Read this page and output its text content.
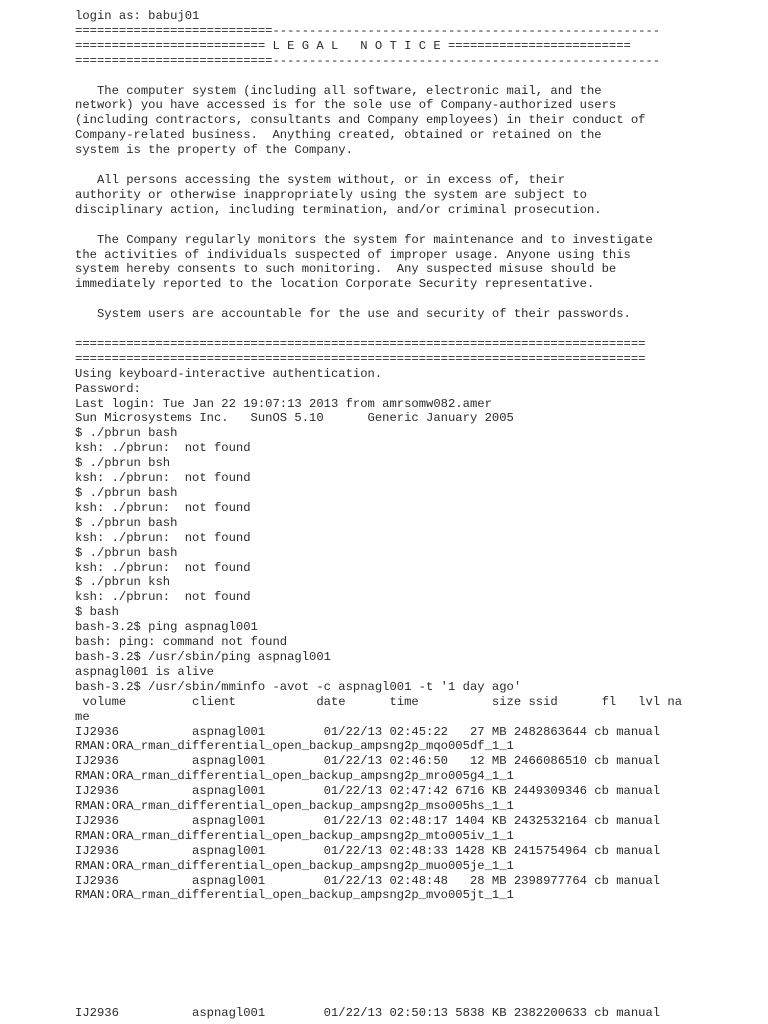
login as: babuj01
===========================-----------------------------------------------------
========================== L E G A L   N O T I C E =========================
===========================-----------------------------------------------------
The computer system (including all software, electronic mail, and the
network) you have accessed is for the sole use of Company-authorized users
(including contractors, consultants and Company employees) in their conduct of
Company-related business.  Anything created, obtained or retained on the
system is the property of the Company.
All persons accessing the system without, or in excess of, their
authority or otherwise inappropriately using the system are subject to
disciplinary action, including termination, and/or criminal prosecution.
The Company regularly monitors the system for maintenance and to investigate
the activities of individuals suspected of improper usage. Anyone using this
system hereby consents to such monitoring.  Any suspected misuse should be
immediately reported to the location Corporate Security representative.
System users are accountable for the use and security of their passwords.
==============================================================================
==============================================================================
Using keyboard-interactive authentication.
Password:
Last login: Tue Jan 22 19:07:13 2013 from amrsomw082.amer
Sun Microsystems Inc.   SunOS 5.10      Generic January 2005
$ ./pbrun bash
ksh: ./pbrun:  not found
$ ./pbrun bsh
ksh: ./pbrun:  not found
$ ./pbrun bash
ksh: ./pbrun:  not found
$ ./pbrun bash
ksh: ./pbrun:  not found
$ ./pbrun bash
ksh: ./pbrun:  not found
$ ./pbrun ksh
ksh: ./pbrun:  not found
$ bash
bash-3.2$ ping aspnagl001
bash: ping: command not found
bash-3.2$ /usr/sbin/ping aspnagl001
aspnagl001 is alive
bash-3.2$ /usr/sbin/mminfo -avot -c aspnagl001 -t '1 day ago'
volume         client           date      time          size ssid      fl   lvl na
me
IJ2936          aspnagl001        01/22/13 02:45:22   27 MB 2482863644 cb manual
RMAN:ORA_rman_differential_open_backup_ampsng2p_mqo005df_1_1
IJ2936          aspnagl001        01/22/13 02:46:50   12 MB 2466086510 cb manual
RMAN:ORA_rman_differential_open_backup_ampsng2p_mro005g4_1_1
IJ2936          aspnagl001        01/22/13 02:47:42 6716 KB 2449309346 cb manual
RMAN:ORA_rman_differential_open_backup_ampsng2p_mso005hs_1_1
IJ2936          aspnagl001        01/22/13 02:48:17 1404 KB 2432532164 cb manual
RMAN:ORA_rman_differential_open_backup_ampsng2p_mto005iv_1_1
IJ2936          aspnagl001        01/22/13 02:48:33 1428 KB 2415754964 cb manual
RMAN:ORA_rman_differential_open_backup_ampsng2p_muo005je_1_1
IJ2936          aspnagl001        01/22/13 02:48:48   28 MB 2398977764 cb manual
RMAN:ORA_rman_differential_open_backup_ampsng2p_mvo005jt_1_1
IJ2936          aspnagl001        01/22/13 02:50:13 5838 KB 2382200633 cb manual
